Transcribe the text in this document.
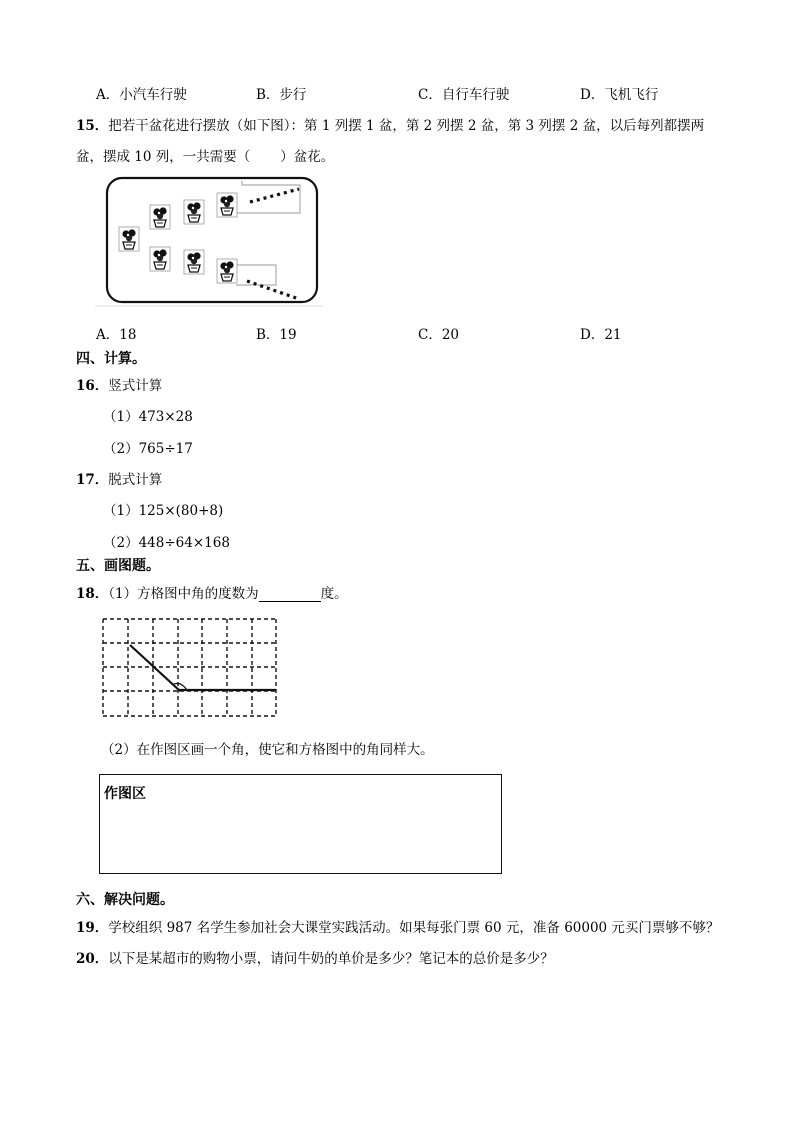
A．小汽车行驶	B．步行	C．自行车行驶	D．飞机飞行
15．把若干盆花进行摆放（如下图）：第 1 列摆 1 盆，第 2 列摆 2 盆，第 3 列摆 2 盆，以后每列都摆两
盆，摆成 10 列，一共需要（ ）盆花。
A．18	B．19	C．20	D．21
四、计算。
16．竖式计算
（1）473×28
（2）765÷17
17．脱式计算
（1）125×(80+8)
（2）448÷64×168
五、画图题。
18．（1）方格图中角的度数为	度。
（2）在作图区画一个角，使它和方格图中的角同样大。
作图区
六、解决问题。
19．学校组织 987 名学生参加社会大课堂实践活动。如果每张门票 60 元，准备 60000 元买门票够不够？
20．以下是某超市的购物小票，请问牛奶的单价是多少？笔记本的总价是多少？
